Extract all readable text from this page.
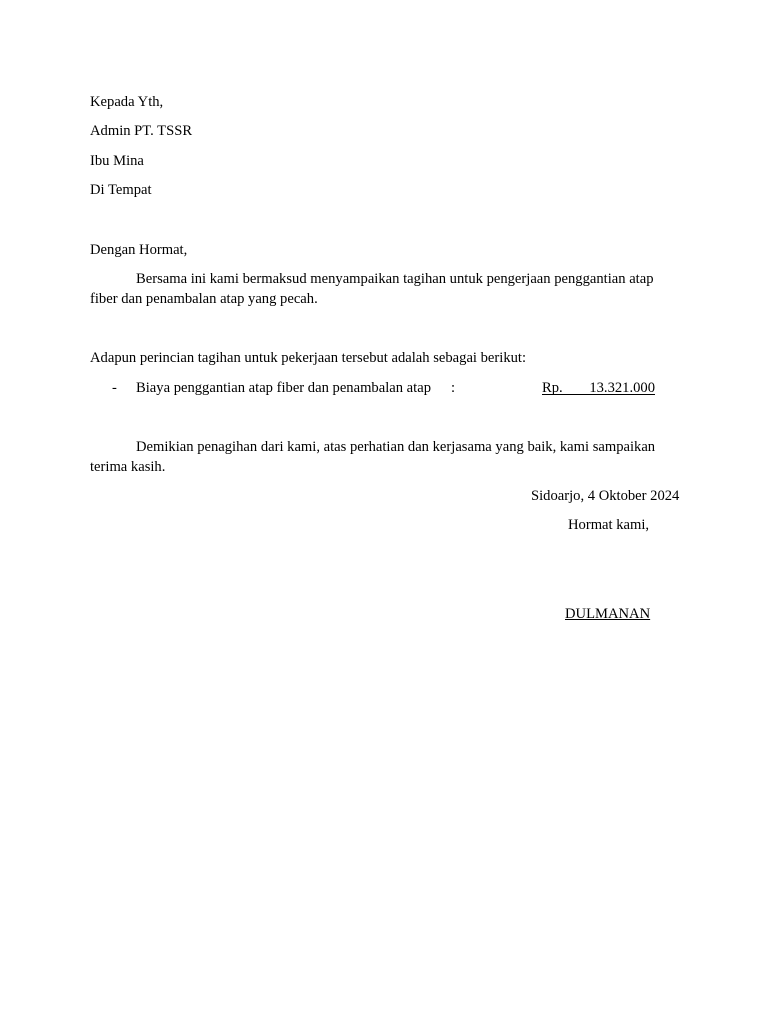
Kepada Yth,
Admin PT. TSSR
Ibu Mina
Di Tempat
Dengan Hormat,
Bersama ini kami bermaksud menyampaikan tagihan untuk pengerjaan penggantian atap
fiber dan penambalan atap yang pecah.
Adapun perincian tagihan untuk pekerjaan tersebut adalah sebagai berikut:
- Biaya penggantian atap fiber dan penambalan atap :	Rp. 13.321.000
Demikian penagihan dari kami, atas perhatian dan kerjasama yang baik, kami sampaikan
terima kasih.
Sidoarjo, 4 Oktober 2024
Hormat kami,
DULMANAN
